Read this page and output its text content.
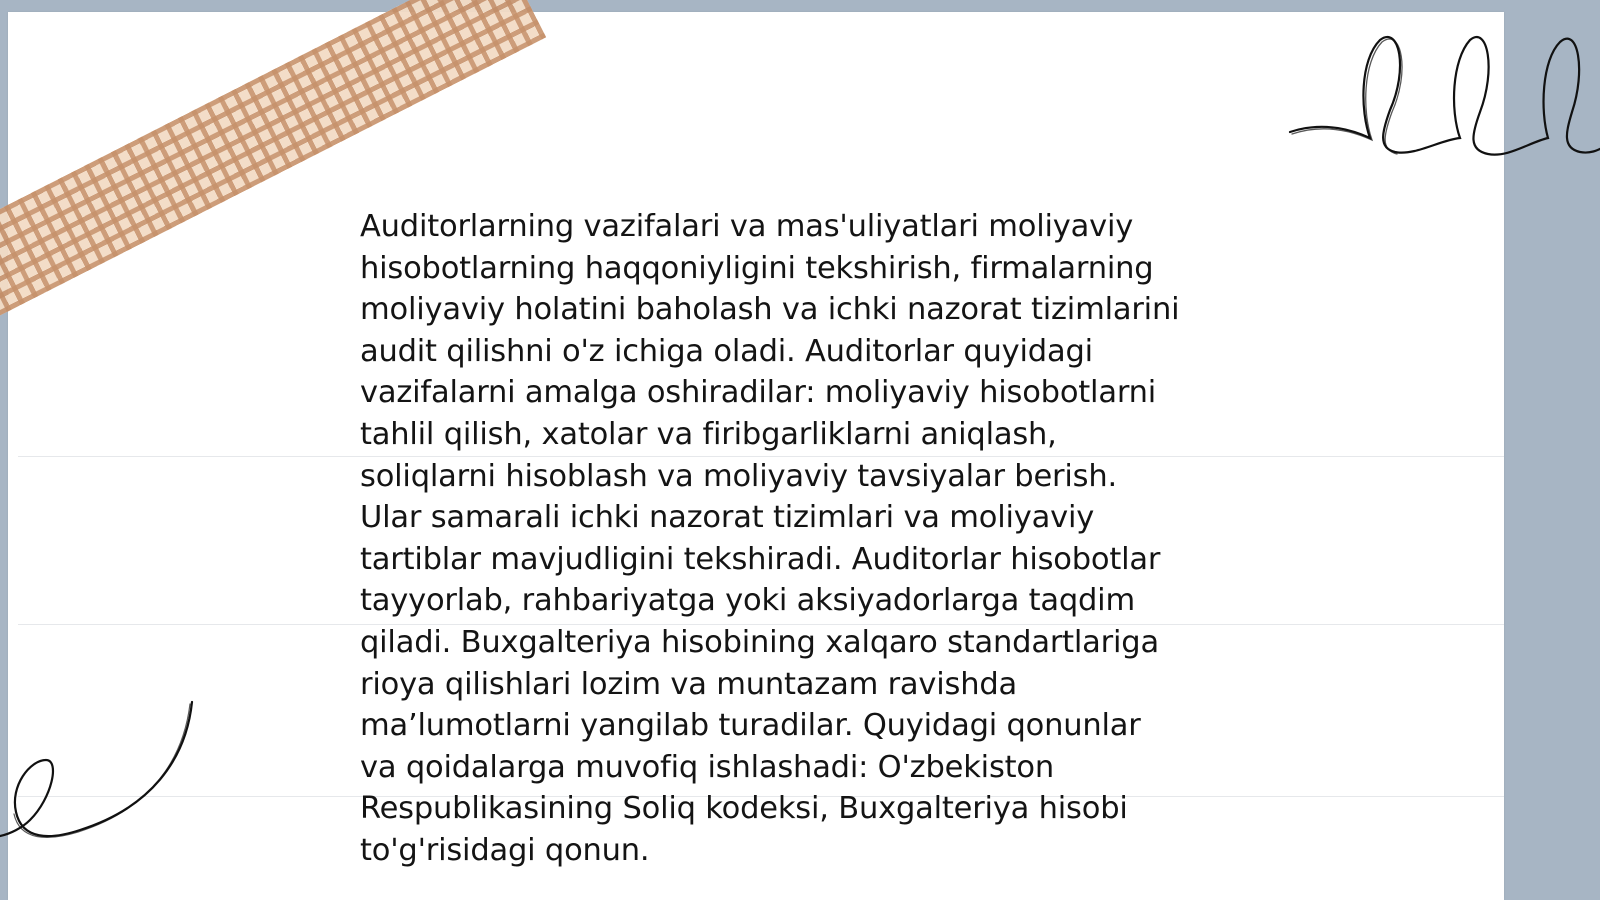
Auditorlarning vazifalari va mas'uliyatlari moliyaviy
hisobotlarning haqqoniyligini tekshirish, firmalarning
moliyaviy holatini baholash va ichki nazorat tizimlarini
audit qilishni o'z ichiga oladi. Auditorlar quyidagi
vazifalarni amalga oshiradilar: moliyaviy hisobotlarni
tahlil qilish, xatolar va firibgarliklarni aniqlash,
soliqlarni hisoblash va moliyaviy tavsiyalar berish.
Ular samarali ichki nazorat tizimlari va moliyaviy
tartiblar mavjudligini tekshiradi. Auditorlar hisobotlar
tayyorlab, rahbariyatga yoki aksiyadorlarga taqdim
qiladi. Buxgalteriya hisobining xalqaro standartlariga
rioya qilishlari lozim va muntazam ravishda
ma’lumotlarni yangilab turadilar. Quyidagi qonunlar
va qoidalarga muvofiq ishlashadi: O'zbekiston
Respublikasining Soliq kodeksi, Buxgalteriya hisobi
to'g'risidagi qonun.
